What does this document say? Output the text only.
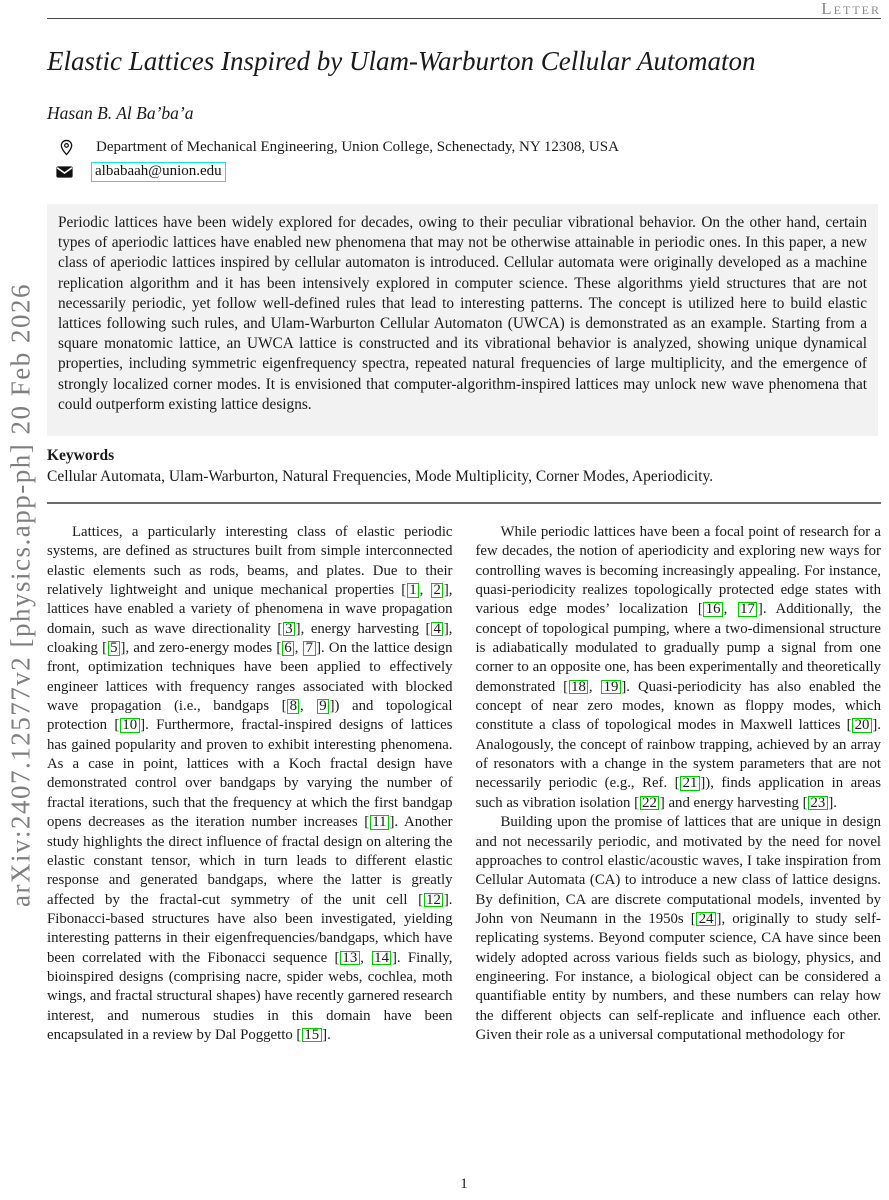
arXiv:2407.12577v2 [physics.app-ph] 20 Feb 2026
Letter
Elastic Lattices Inspired by Ulam-Warburton Cellular Automaton
Hasan B. Al Ba’ba’a
Department of Mechanical Engineering, Union College, Schenectady, NY 12308, USA
albabaah@union.edu
Periodic lattices have been widely explored for decades, owing to their peculiar vibrational behavior. On the other hand, certain types of aperiodic lattices have enabled new phenomena that may not be otherwise attainable in periodic ones. In this paper, a new class of aperiodic lattices inspired by cellular automaton is introduced. Cellular automata were originally developed as a machine replication algorithm and it has been intensively explored in computer science. These algorithms yield structures that are not necessarily periodic, yet follow well-defined rules that lead to interesting patterns. The concept is utilized here to build elastic lattices following such rules, and Ulam-Warburton Cellular Automaton (UWCA) is demonstrated as an example. Starting from a square monatomic lattice, an UWCA lattice is constructed and its vibrational behavior is analyzed, showing unique dynamical properties, including symmetric eigenfrequency spectra, repeated natural frequencies of large multiplicity, and the emergence of strongly localized corner modes. It is envisioned that computer-algorithm-inspired lattices may unlock new wave phenomena that could outperform existing lattice designs.
Keywords
Cellular Automata, Ulam-Warburton, Natural Frequencies, Mode Multiplicity, Corner Modes, Aperiodicity.

Lattices, a particularly interesting class of elastic periodic systems, are defined as structures built from simple interconnected elastic elements such as rods, beams, and plates. Due to their relatively lightweight and unique mechanical properties [ 1 , 2 ], lattices have enabled a variety of phenomena in wave propagation domain, such as wave directionality [ 3 ], energy harvesting [ 4 ], cloaking [ 5 ], and zero-energy modes [ 6 , 7 ]. On the lattice design front, optimization techniques have been applied to effectively engineer lattices with frequency ranges associated with blocked wave propagation (i.e., bandgaps [ 8 , 9 ]) and topological protection [ 10 ]. Furthermore, fractal-inspired designs of lattices has gained popularity and proven to exhibit interesting phenomena. As a case in point, lattices with a Koch fractal design have demonstrated control over bandgaps by varying the number of fractal iterations, such that the frequency at which the first bandgap opens decreases as the iteration number increases [ 11 ]. Another study highlights the direct influence of fractal design on altering the elastic constant tensor, which in turn leads to different elastic response and generated bandgaps, where the latter is greatly affected by the fractal-cut symmetry of the unit cell [ 12 ]. Fibonacci-based structures have also been investigated, yielding interesting patterns in their eigenfrequencies/bandgaps, which have been correlated with the Fibonacci sequence [ 13 , 14 ]. Finally, bioinspired designs (comprising nacre, spider webs, cochlea, moth wings, and fractal structural shapes) have recently garnered research interest, and numerous studies in this domain have been encapsulated in a review by Dal Poggetto [ 15 ].

While periodic lattices have been a focal point of research for a few decades, the notion of aperiodicity and exploring new ways for controlling waves is becoming increasingly appealing. For instance, quasi-periodicity realizes topologically protected edge states with various edge modes’ localization [ 16 , 17 ]. Additionally, the concept of topological pumping, where a two-dimensional structure is adiabatically modulated to gradually pump a signal from one corner to an opposite one, has been experimentally and theoretically demonstrated [ 18 , 19 ]. Quasi-periodicity has also enabled the concept of near zero modes, known as floppy modes, which constitute a class of topological modes in Maxwell lattices [ 20 ]. Analogously, the concept of rainbow trapping, achieved by an array of resonators with a change in the system parameters that are not necessarily periodic (e.g., Ref. [ 21 ]), finds application in areas such as vibration isolation [ 22 ] and energy harvesting [ 23 ].

Building upon the promise of lattices that are unique in design and not necessarily periodic, and motivated by the need for novel approaches to control elastic/acoustic waves, I take inspiration from Cellular Automata (CA) to introduce a new class of lattice designs. By definition, CA are discrete computational models, invented by John von Neumann in the 1950s [ 24 ], originally to study self-replicating systems. Beyond computer science, CA have since been widely adopted across various fields such as biology, physics, and engineering. For instance, a biological object can be considered a quantifiable entity by numbers, and these numbers can relay how the different objects can self-replicate and influence each other. Given their role as a universal computational methodology for

1
